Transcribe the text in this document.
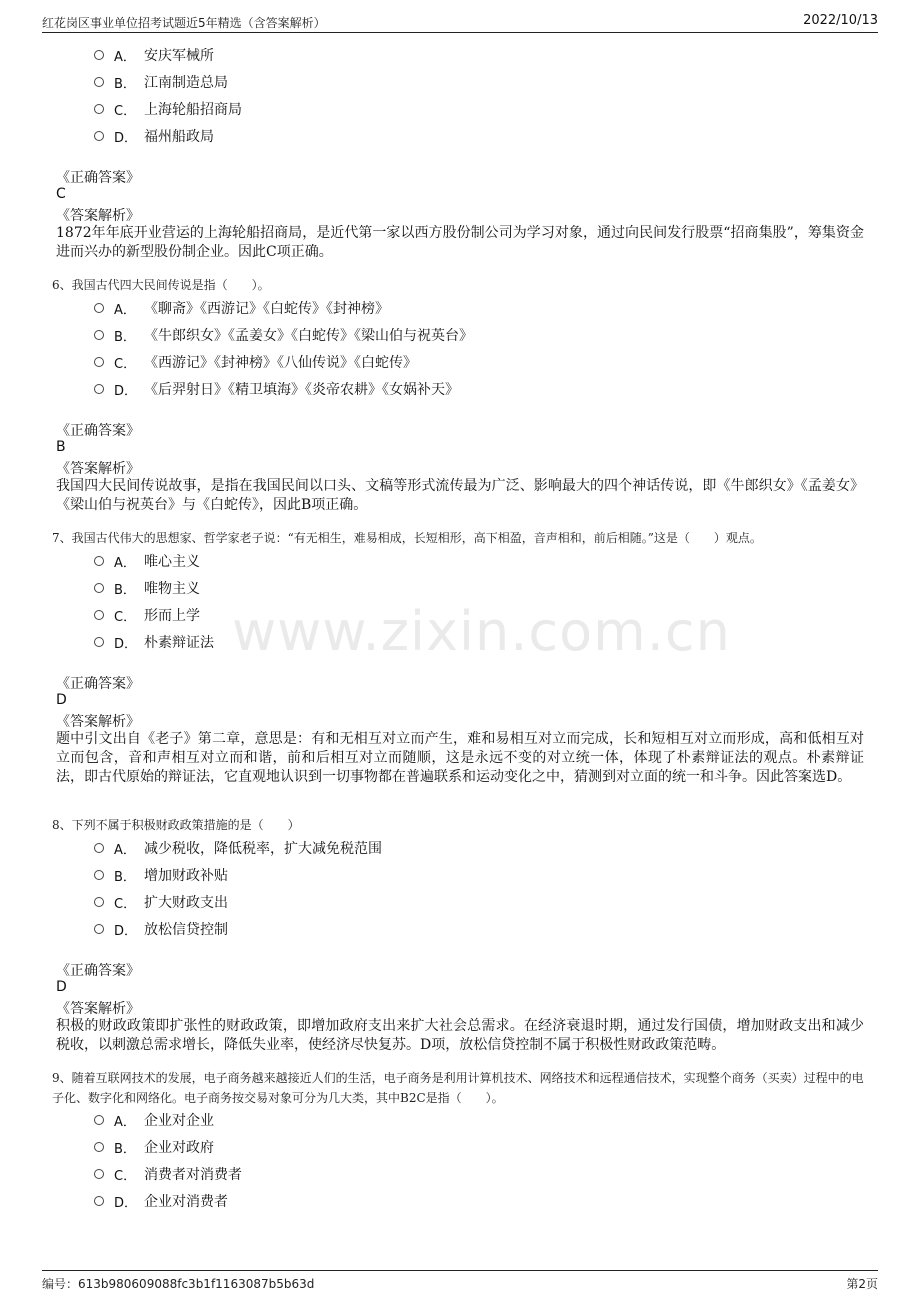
红花岗区事业单位招考试题近5年精选（含答案解析）	2022/10/13
www.zixin.com.cn
A． 安庆军械所
B． 江南制造总局
C． 上海轮船招商局
D． 福州船政局
《正确答案》
C
《答案解析》
1872年年底开业营运的上海轮船招商局，是近代第一家以西方股份制公司为学习对象，通过向民间发行股票“招商集股”，筹集资金进而兴办的新型股份制企业。因此C项正确。
6、我国古代四大民间传说是指（　　）。
A． 《聊斋》《西游记》《白蛇传》《封神榜》
B． 《牛郎织女》《孟姜女》《白蛇传》《梁山伯与祝英台》
C． 《西游记》《封神榜》《八仙传说》《白蛇传》
D． 《后羿射日》《精卫填海》《炎帝农耕》《女娲补天》
《正确答案》
B
《答案解析》
我国四大民间传说故事，是指在我国民间以口头、文稿等形式流传最为广泛、影响最大的四个神话传说，即《牛郎织女》《孟姜女》《梁山伯与祝英台》与《白蛇传》，因此B项正确。
7、我国古代伟大的思想家、哲学家老子说：“有无相生，难易相成，长短相形，高下相盈，音声相和，前后相随。”这是（　　）观点。
A． 唯心主义
B． 唯物主义
C． 形而上学
D． 朴素辩证法
《正确答案》
D
《答案解析》
题中引文出自《老子》第二章，意思是：有和无相互对立而产生，难和易相互对立而完成，长和短相互对立而形成，高和低相互对立而包含，音和声相互对立而和谐，前和后相互对立而随顺，这是永远不变的对立统一体，体现了朴素辩证法的观点。朴素辩证法，即古代原始的辩证法，它直观地认识到一切事物都在普遍联系和运动变化之中，猜测到对立面的统一和斗争。因此答案选D。
8、下列不属于积极财政政策措施的是（　　）
A． 减少税收，降低税率，扩大减免税范围
B． 增加财政补贴
C． 扩大财政支出
D． 放松信贷控制
《正确答案》
D
《答案解析》
积极的财政政策即扩张性的财政政策，即增加政府支出来扩大社会总需求。在经济衰退时期，通过发行国债，增加财政支出和减少税收，以刺激总需求增长，降低失业率，使经济尽快复苏。D项，放松信贷控制不属于积极性财政政策范畴。
9、随着互联网技术的发展，电子商务越来越接近人们的生活，电子商务是利用计算机技术、网络技术和远程通信技术，实现整个商务（买卖）过程中的电子化、数字化和网络化。电子商务按交易对象可分为几大类，其中B2C是指（　　）。
A． 企业对企业
B． 企业对政府
C． 消费者对消费者
D． 企业对消费者
编号：613b980609088fc3b1f1163087b5b63d	第2页
